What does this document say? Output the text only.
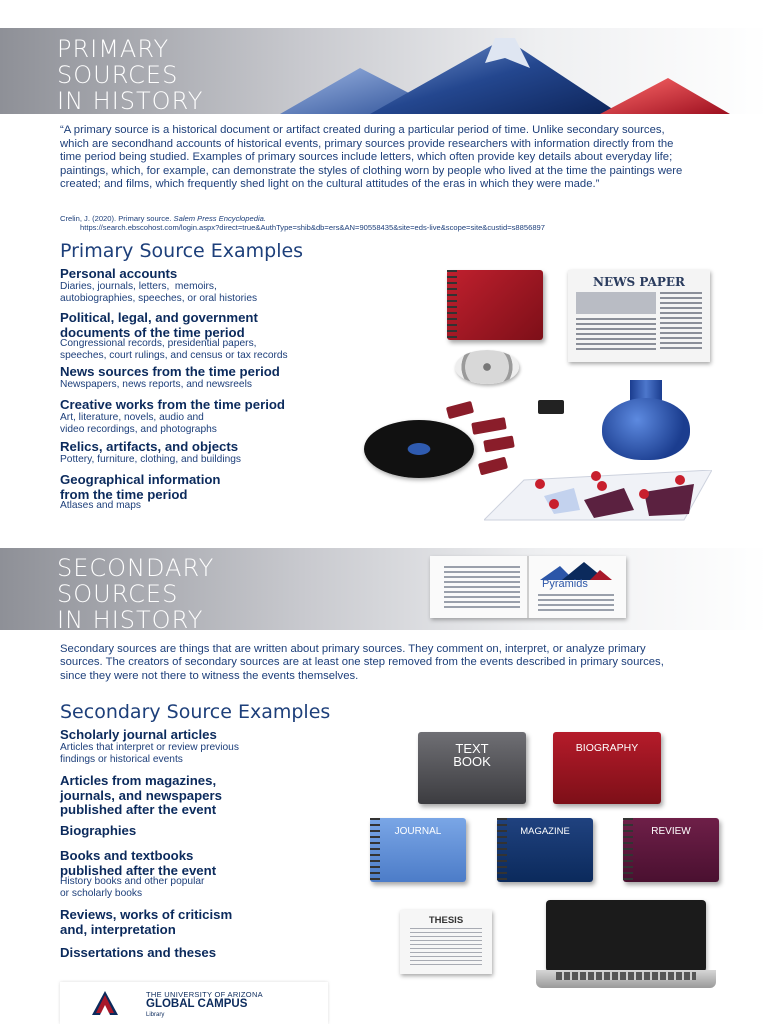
PRIMARY
SOURCES
IN HISTORY
“A primary source is a historical document or artifact created during a particular period of time. Unlike secondary sources, which are secondhand accounts of historical events, primary sources provide researchers with information directly from the time period being studied. Examples of primary sources include letters, which often provide key details about everyday life; paintings, which, for example, can demonstrate the styles of clothing worn by people who lived at the time the paintings were created; and films, which frequently shed light on the cultural attitudes of the eras in which they were made.”
Crelin, J. (2020). Primary source. Salem Press Encyclopedia.
https://search.ebscohost.com/login.aspx?direct=true&AuthType=shib&db=ers&AN=90558435&site=eds-live&scope=site&custid=s8856897
Primary Source Examples
Personal accounts
Diaries, journals, letters,  memoirs,
autobiographies, speeches, or oral histories
Political, legal, and government
documents of the time period
Congressional records, presidential papers,
speeches, court rulings, and census or tax records
News sources from the time period
Newspapers, news reports, and newsreels
Creative works from the time period
Art, literature, novels, audio and
video recordings, and photographs
Relics, artifacts, and objects
Pottery, furniture, clothing, and buildings
Geographical information
from the time period
Atlases and maps
NEWS PAPER
SECONDARY
SOURCES
IN HISTORY
Pyramids
Secondary sources are things that are written about primary sources. They comment on, interpret, or analyze primary sources. The creators of secondary sources are at least one step removed from the events described in primary sources, since they were not there to witness the events themselves.
Secondary Source Examples
Scholarly journal articles
Articles that interpret or review previous
findings or historical events
Articles from magazines,
journals, and newspapers
published after the event
Biographies
Books and textbooks
published after the event
History books and other popular
or scholarly books
Reviews, works of criticism
and, interpretation
Dissertations and theses
TEXT
BOOK
BIOGRAPHY
JOURNAL	MAGAZINE	REVIEW
THESIS
THE UNIVERSITY OF ARIZONA
GLOBAL CAMPUS
Library
